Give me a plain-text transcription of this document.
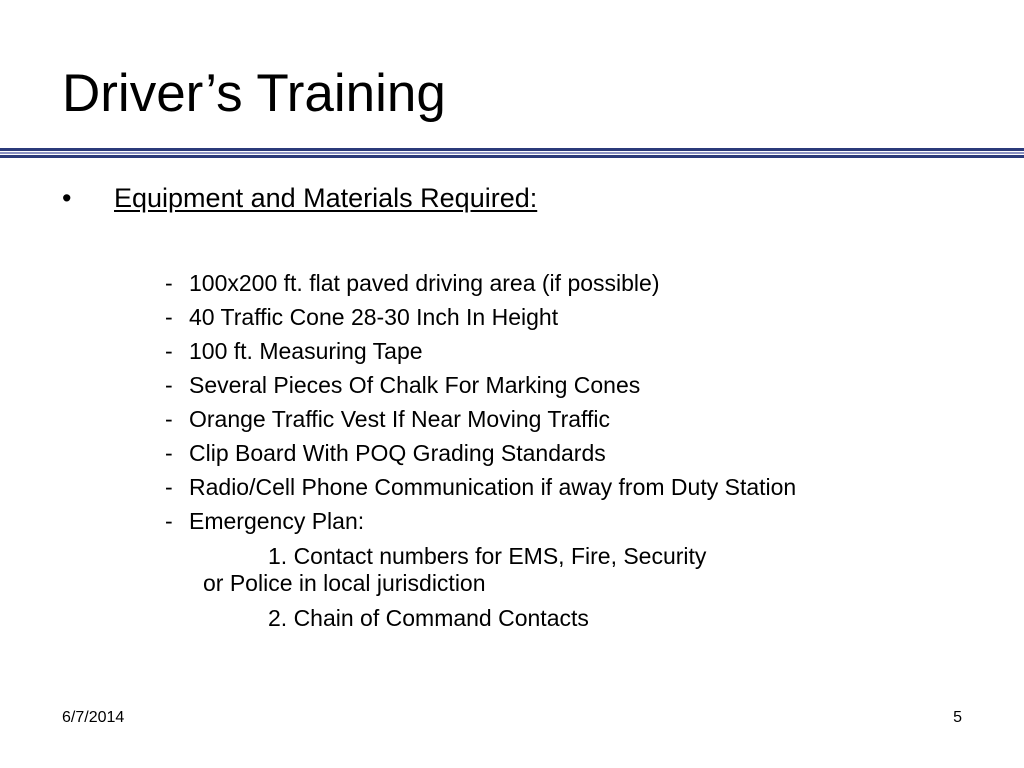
Driver’s Training
• Equipment and Materials Required:
- 100x200 ft. flat paved driving area (if possible)
- 40 Traffic Cone 28-30 Inch In Height
- 100 ft. Measuring Tape
- Several Pieces Of Chalk For Marking Cones
- Orange Traffic Vest If Near Moving Traffic
- Clip Board With POQ Grading Standards
- Radio/Cell Phone Communication if away from Duty Station
- Emergency Plan:
1. Contact numbers for EMS, Fire, Security
or Police in local jurisdiction
2. Chain of Command Contacts
6/7/2014	5
